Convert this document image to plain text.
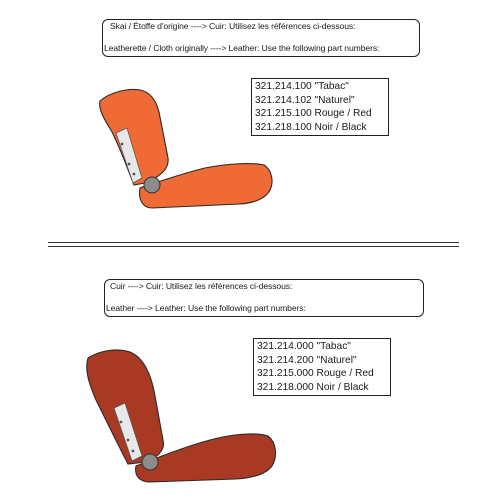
Skai / Étoffe d'origine ----> Cuir: Utilisez les références ci-dessous:
Leatherette / Cloth originally ----> Leather: Use the following part numbers:
321.214.100 "Tabac"
321.214.102 "Naturel"
321.215.100 Rouge / Red
321.218.100 Noir / Black
Cuir ----> Cuir: Utilisez les références ci-dessous:
Leather ----> Leather: Use the following part numbers:
321.214.000 "Tabac"
321.214.200 "Naturel"
321.215.000 Rouge / Red
321.218.000 Noir / Black
